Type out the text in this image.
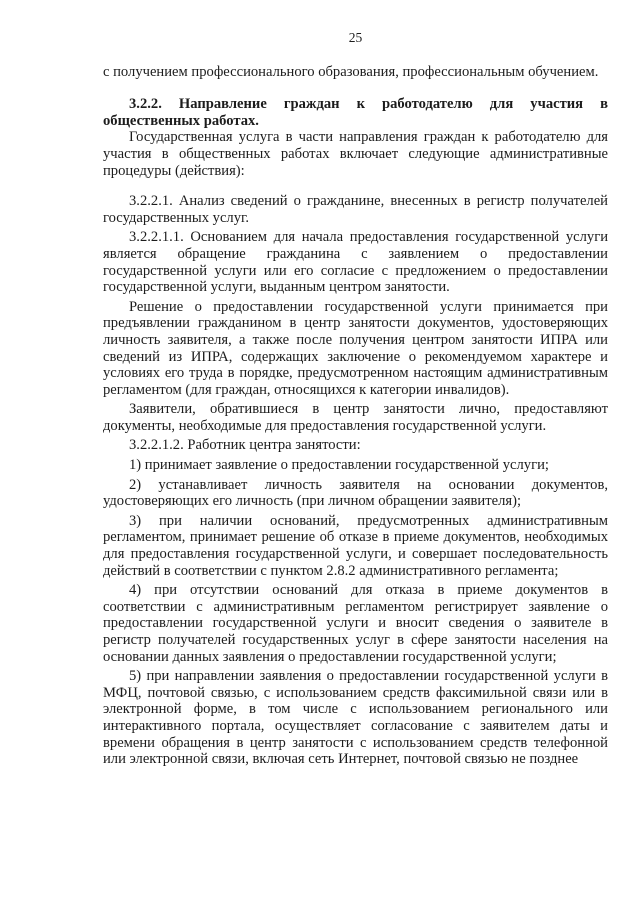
25

с получением профессионального образования, профессиональным обучением.

3.2.2. Направление граждан к работодателю для участия в общественных работах.

Государственная услуга в части направления граждан к работодателю для участия в общественных работах включает следующие административные процедуры (действия):

3.2.2.1. Анализ сведений о гражданине, внесенных в регистр получателей государственных услуг.

3.2.2.1.1. Основанием для начала предоставления государственной услуги является обращение гражданина с заявлением о предоставлении государственной услуги или его согласие с предложением о предоставлении государственной услуги, выданным центром занятости.

Решение о предоставлении государственной услуги принимается при предъявлении гражданином в центр занятости документов, удостоверяющих личность заявителя, а также после получения центром занятости ИПРА или сведений из ИПРА, содержащих заключение о рекомендуемом характере и условиях его труда в порядке, предусмотренном настоящим административным регламентом (для граждан, относящихся к категории инвалидов).

Заявители, обратившиеся в центр занятости лично, предоставляют документы, необходимые для предоставления государственной услуги.

3.2.2.1.2. Работник центра занятости:

1) принимает заявление о предоставлении государственной услуги;

2) устанавливает личность заявителя на основании документов, удостоверяющих его личность (при личном обращении заявителя);

3) при наличии оснований, предусмотренных административным регламентом, принимает решение об отказе в приеме документов, необходимых для предоставления государственной услуги, и совершает последовательность действий в соответствии с пунктом 2.8.2 административного регламента;

4) при отсутствии оснований для отказа в приеме документов в соответствии с административным регламентом регистрирует заявление о предоставлении государственной услуги и вносит сведения о заявителе в регистр получателей государственных услуг в сфере занятости населения на основании данных заявления о предоставлении государственной услуги;

5) при направлении заявления о предоставлении государственной услуги в МФЦ, почтовой связью, с использованием средств факсимильной связи или в электронной форме, в том числе с использованием регионального или интерактивного портала, осуществляет согласование с заявителем даты и времени обращения в центр занятости с использованием средств телефонной или электронной связи, включая сеть Интернет, почтовой связью не позднее
